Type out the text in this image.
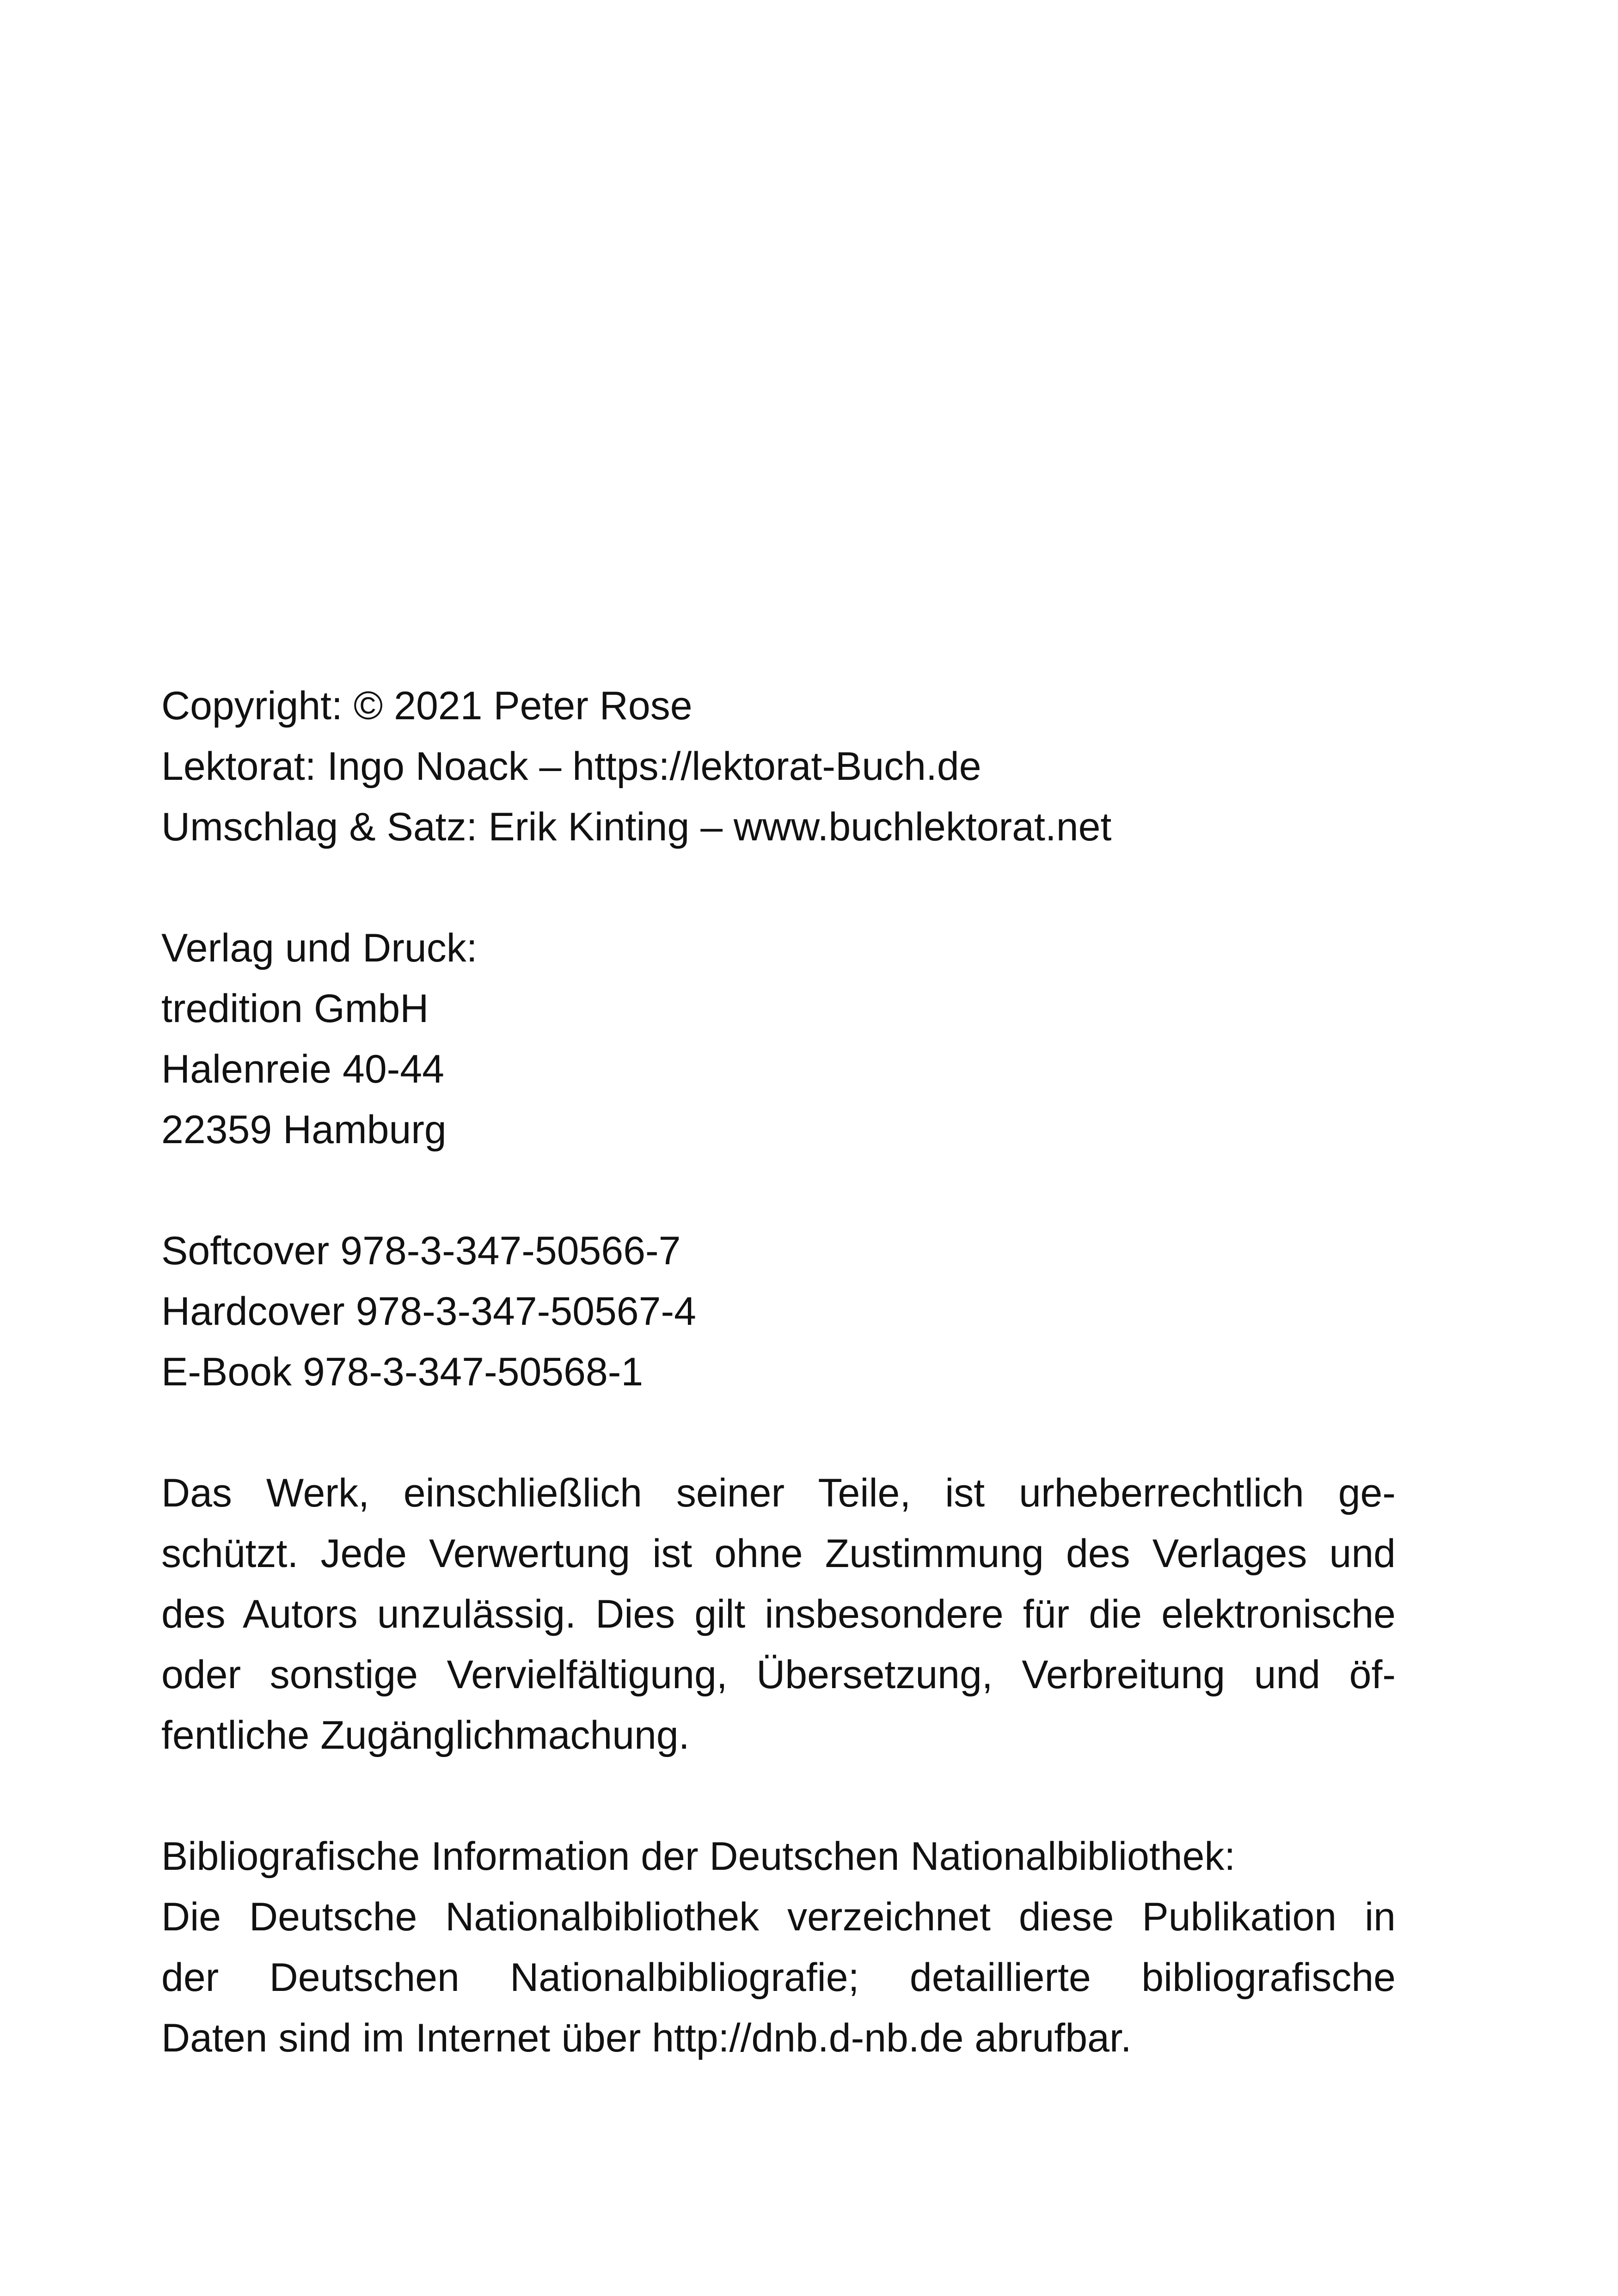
Copyright: © 2021 Peter Rose
Lektorat: Ingo Noack – https://lektorat-Buch.de
Umschlag & Satz: Erik Kinting – www.buchlektorat.net
Verlag und Druck:
tredition GmbH
Halenreie 40-44
22359 Hamburg
Softcover 978-3-347-50566-7
Hardcover 978-3-347-50567-4
E-Book 978-3-347-50568-1
Das Werk, einschließlich seiner Teile, ist urheberrechtlich ge-
schützt. Jede Verwertung ist ohne Zustimmung des Verlages und
des Autors unzulässig. Dies gilt insbesondere für die elektronische
oder sonstige Vervielfältigung, Übersetzung, Verbreitung und öf-
fentliche Zugänglichmachung.
Bibliografische Information der Deutschen Nationalbibliothek:
Die Deutsche Nationalbibliothek verzeichnet diese Publikation in
der Deutschen Nationalbibliografie; detaillierte bibliografische
Daten sind im Internet über http://dnb.d-nb.de abrufbar.
